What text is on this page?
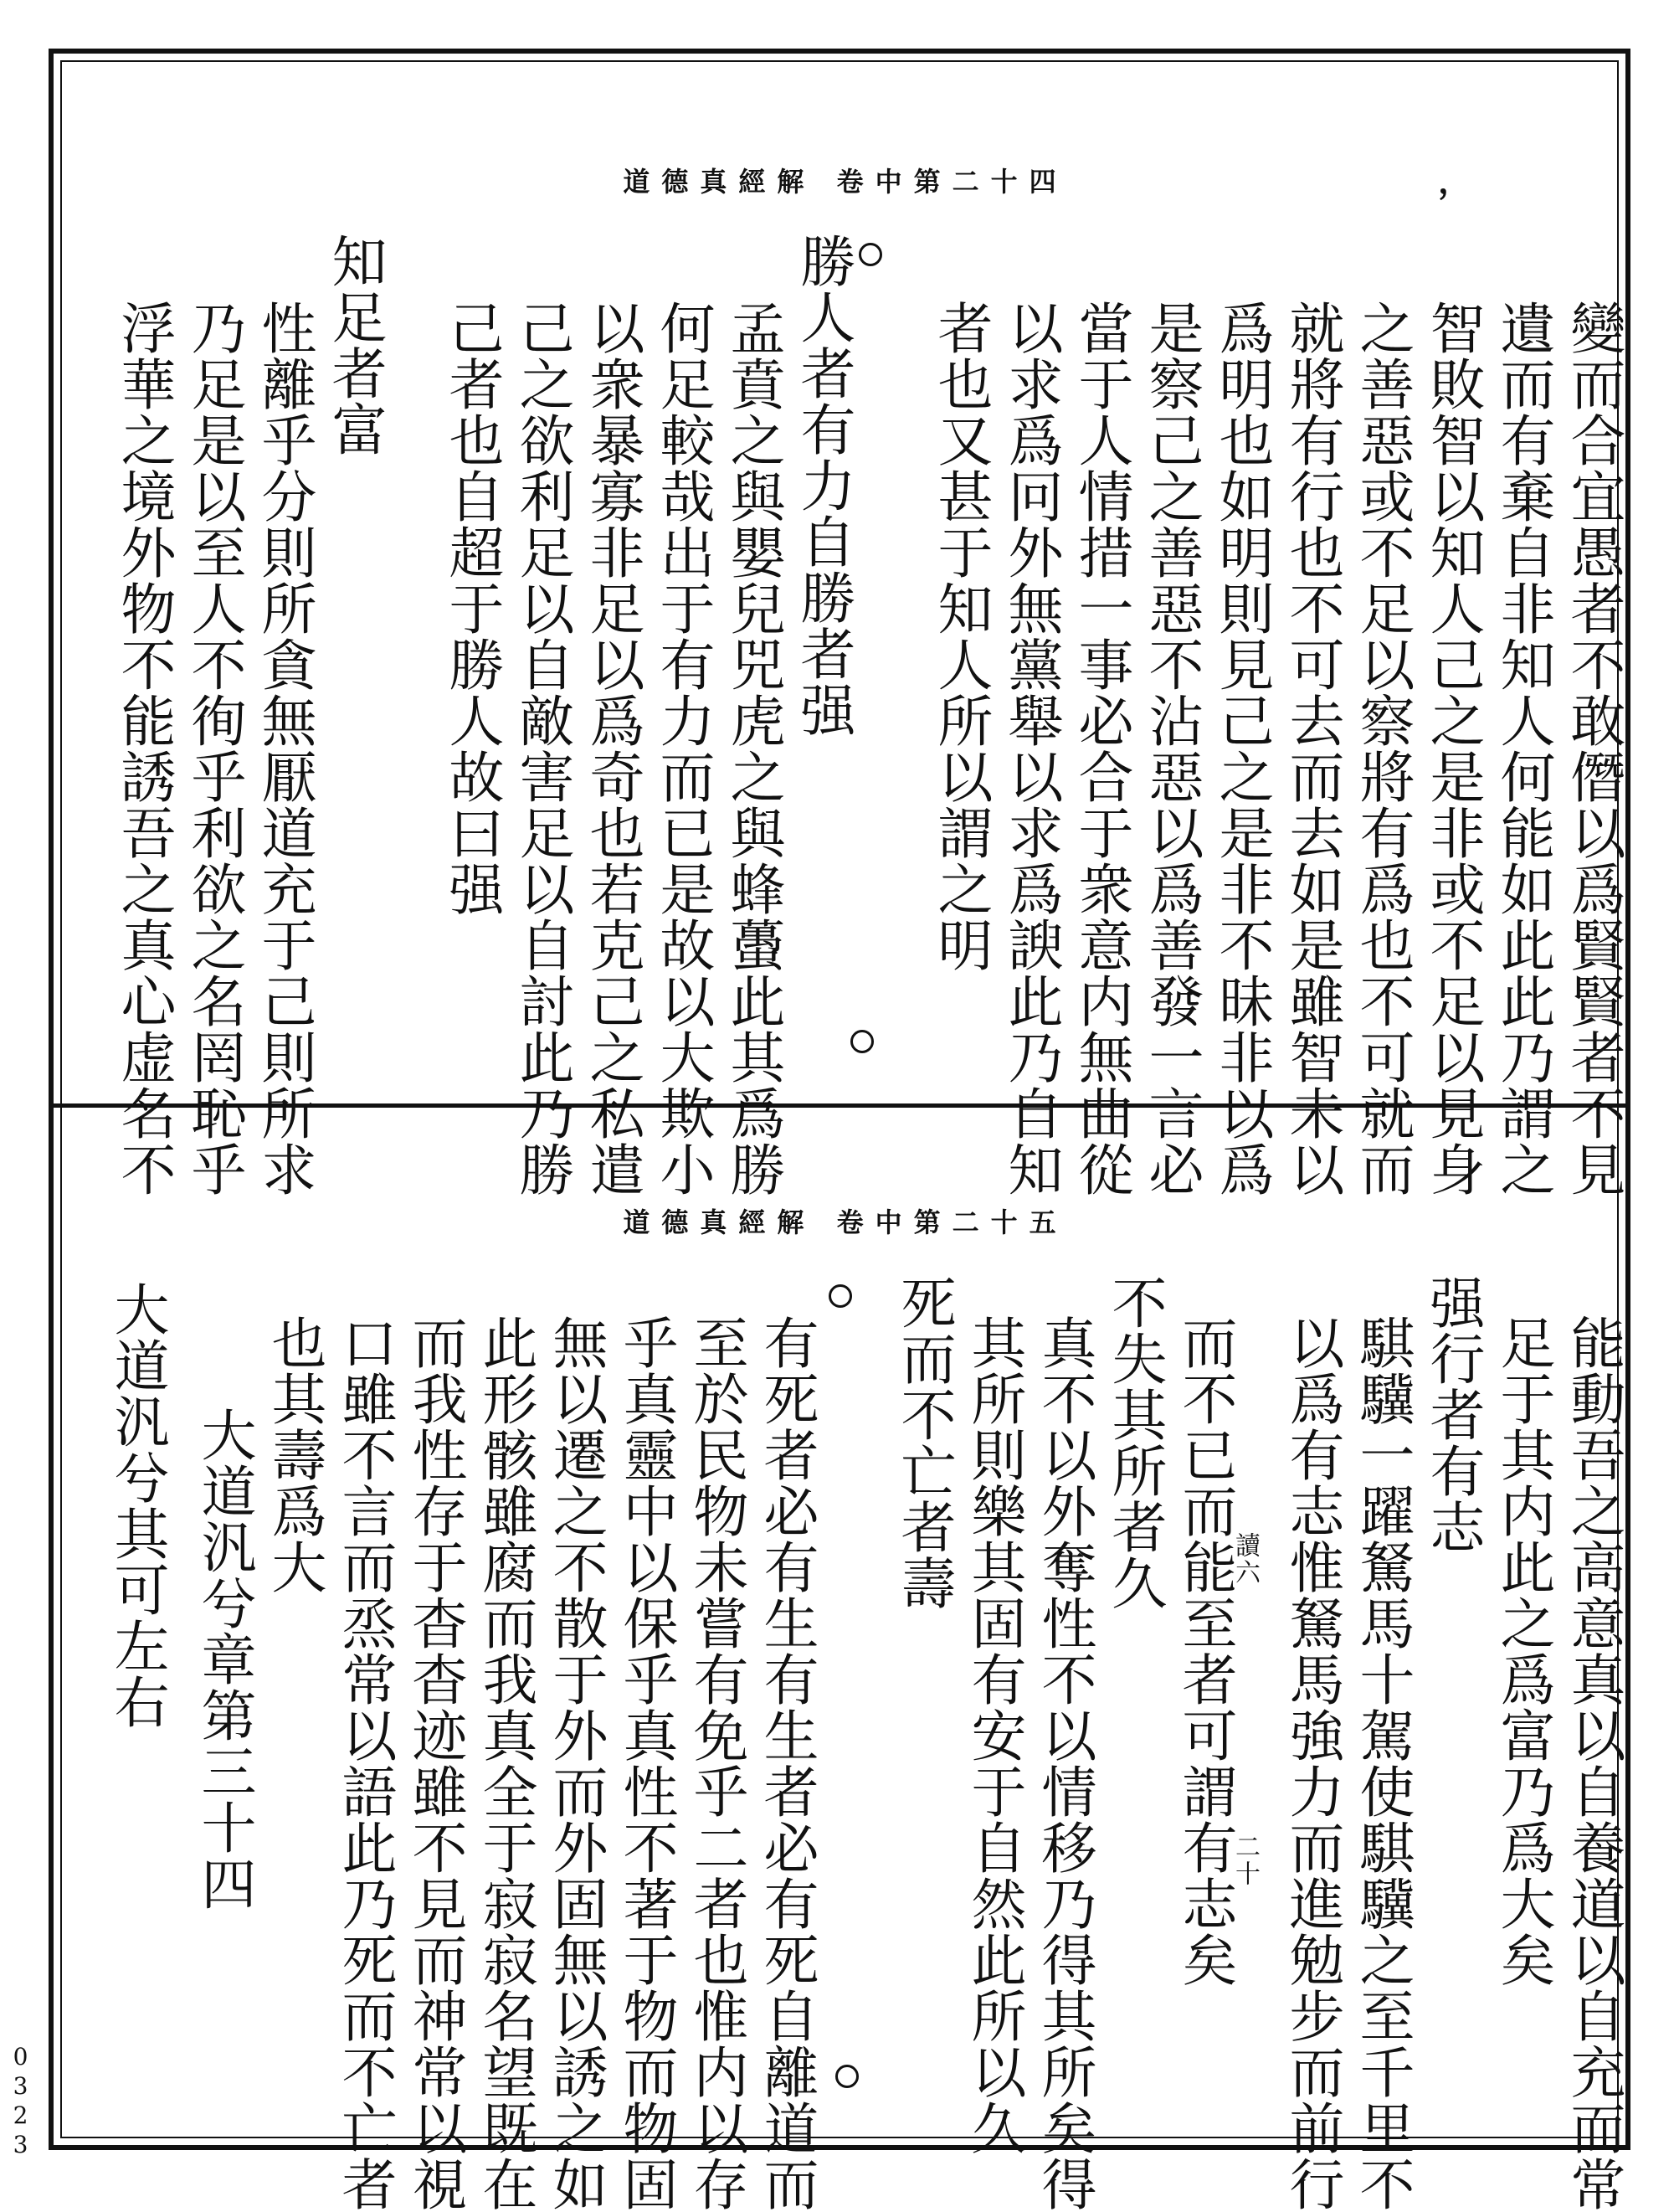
道德真經解 卷中第二十四	，
變而合宜愚者不敢僭以爲賢賢者不見
遺而有棄自非知人何能如此此乃謂之
智敗智以知人己之是非或不足以見身
之善惡或不足以察將有爲也不可就而
就將有行也不可去而去如是雖智未以
爲明也如明則見己之是非不昧非以爲
是察己之善惡不沾惡以爲善發一言必
當于人情措一事必合于衆意内無曲從
以求爲冋外無黨舉以求爲諛此乃自知
者也又甚于知人所以謂之明
勝人者有力自勝者强
孟賁之與嬰兒兕虎之與蜂蠆此其爲勝
何足較哉出于有力而已是故以大欺小
以衆暴寡非足以爲奇也若克己之私遣
己之欲利足以自敵害足以自討此乃勝
己者也自超于勝人故曰强
知足者富
性離乎分則所貪無厭道充于己則所求
乃足是以至人不徇乎利欲之名罔恥乎
浮華之境外物不能誘吾之真心虚名不
道德真經解 卷中第二十五
能動吾之高意真以自養道以自充而常
足于其内此之爲富乃爲大矣
强行者有志
騏驥一躍駑馬十駕使騏驥之至千里不
以爲有志惟駑馬強力而進勉步而前行
讀六
二十
而不已而能至者可謂有志矣
不失其所者久
真不以外奪性不以情移乃得其所矣得
其所則樂其固有安于自然此所以久
死而不亡者壽
有死者必有生有生者必有死自離道而
至於民物未嘗有免乎二者也惟内以存
乎真靈中以保乎真性不著于物而物固
無以遷之不散于外而外固無以誘之如
此形骸雖腐而我真全于寂寂名望既在
而我性存于杳杳迹雖不見而神常以視
口雖不言而烝常以語此乃死而不亡者
也其壽爲大
大道汎兮章第三十四
大道汎兮其可左右
0323
